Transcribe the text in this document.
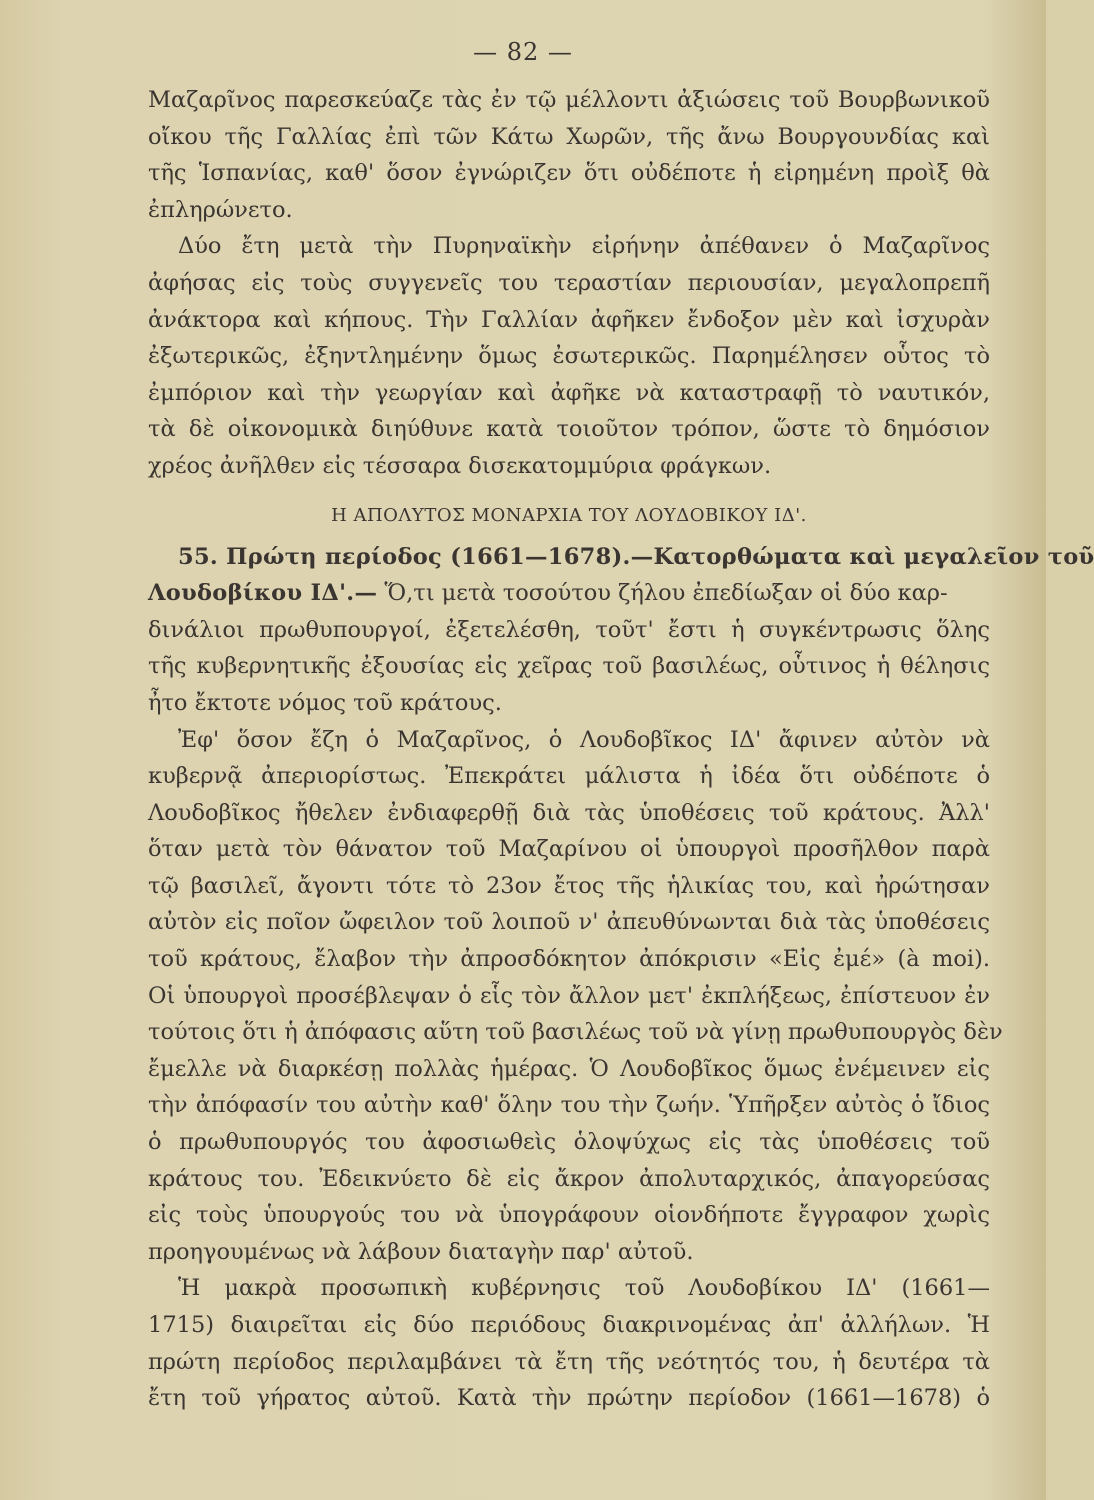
— 82 —
Μαζαρῖνος παρεσκεύαζε τὰς ἐν τῷ μέλλοντι ἀξιώσεις τοῦ Βουρβωνικοῦ
οἴκου τῆς Γαλλίας ἐπὶ τῶν Κάτω Χωρῶν, τῆς ἄνω Βουργουνδίας καὶ
τῆς Ἱσπανίας, καθ' ὅσον ἐγνώριζεν ὅτι οὐδέποτε ἡ εἰρημένη προὶξ θὰ
ἐπληρώνετο.
Δύο ἔτη μετὰ τὴν Πυρηναϊκὴν εἰρήνην ἀπέθανεν ὁ Μαζαρῖνος
ἀφήσας εἰς τοὺς συγγενεῖς του τεραστίαν περιουσίαν, μεγαλοπρεπῆ
ἀνάκτορα καὶ κήπους. Τὴν Γαλλίαν ἀφῆκεν ἔνδοξον μὲν καὶ ἰσχυρὰν
ἐξωτερικῶς, ἐξηντλημένην ὅμως ἐσωτερικῶς. Παρημέλησεν οὗτος τὸ
ἐμπόριον καὶ τὴν γεωργίαν καὶ ἀφῆκε νὰ καταστραφῇ τὸ ναυτικόν,
τὰ δὲ οἰκονομικὰ διηύθυνε κατὰ τοιοῦτον τρόπον, ὥστε τὸ δημόσιον
χρέος ἀνῆλθεν εἰς τέσσαρα δισεκατομμύρια φράγκων.
Η ΑΠΟΛΥΤΟΣ ΜΟΝΑΡΧΙΑ ΤΟΥ ΛΟΥΔΟΒΙΚΟΥ ΙΔ'.
55. Πρώτη περίοδος (1661—1678).—Κατορθώματα καὶ μεγαλεῖον τοῦ
Λουδοβίκου ΙΔ'.— Ὅ,τι μετὰ τοσούτου ζήλου ἐπεδίωξαν οἱ δύο καρ-
δινάλιοι πρωθυπουργοί, ἐξετελέσθη, τοῦτ' ἔστι ἡ συγκέντρωσις ὅλης
τῆς κυβερνητικῆς ἐξουσίας εἰς χεῖρας τοῦ βασιλέως, οὗτινος ἡ θέλησις
ἦτο ἔκτοτε νόμος τοῦ κράτους.
Ἐφ' ὅσον ἔζη ὁ Μαζαρῖνος, ὁ Λουδοβῖκος ΙΔ' ἄφινεν αὐτὸν νὰ
κυβερνᾷ ἀπεριορίστως. Ἐπεκράτει μάλιστα ἡ ἰδέα ὅτι οὐδέποτε ὁ
Λουδοβῖκος ἤθελεν ἐνδιαφερθῇ διὰ τὰς ὑποθέσεις τοῦ κράτους. Ἀλλ'
ὅταν μετὰ τὸν θάνατον τοῦ Μαζαρίνου οἱ ὑπουργοὶ προσῆλθον παρὰ
τῷ βασιλεῖ, ἄγοντι τότε τὸ 23ον ἔτος τῆς ἡλικίας του, καὶ ἠρώτησαν
αὐτὸν εἰς ποῖον ὤφειλον τοῦ λοιποῦ ν' ἀπευθύνωνται διὰ τὰς ὑποθέσεις
τοῦ κράτους, ἔλαβον τὴν ἀπροσδόκητον ἀπόκρισιν «Εἰς ἐμέ» (à moi).
Οἱ ὑπουργοὶ προσέβλεψαν ὁ εἷς τὸν ἄλλον μετ' ἐκπλήξεως, ἐπίστευον ἐν
τούτοις ὅτι ἡ ἀπόφασις αὕτη τοῦ βασιλέως τοῦ νὰ γίνῃ πρωθυπουργὸς δὲν
ἔμελλε νὰ διαρκέσῃ πολλὰς ἡμέρας. Ὁ Λουδοβῖκος ὅμως ἐνέμεινεν εἰς
τὴν ἀπόφασίν του αὐτὴν καθ' ὅλην του τὴν ζωήν. Ὑπῆρξεν αὐτὸς ὁ ἴδιος
ὁ πρωθυπουργός του ἀφοσιωθεὶς ὁλοψύχως εἰς τὰς ὑποθέσεις τοῦ
κράτους του. Ἐδεικνύετο δὲ εἰς ἄκρον ἀπολυταρχικός, ἀπαγορεύσας
εἰς τοὺς ὑπουργούς του νὰ ὑπογράφουν οἱονδήποτε ἔγγραφον χωρὶς
προηγουμένως νὰ λάβουν διαταγὴν παρ' αὐτοῦ.
Ἡ μακρὰ προσωπικὴ κυβέρνησις τοῦ Λουδοβίκου ΙΔ' (1661—
1715) διαιρεῖται εἰς δύο περιόδους διακρινομένας ἀπ' ἀλλήλων. Ἡ
πρώτη περίοδος περιλαμβάνει τὰ ἔτη τῆς νεότητός του, ἡ δευτέρα τὰ
ἔτη τοῦ γήρατος αὐτοῦ. Κατὰ τὴν πρώτην περίοδον (1661—1678) ὁ
